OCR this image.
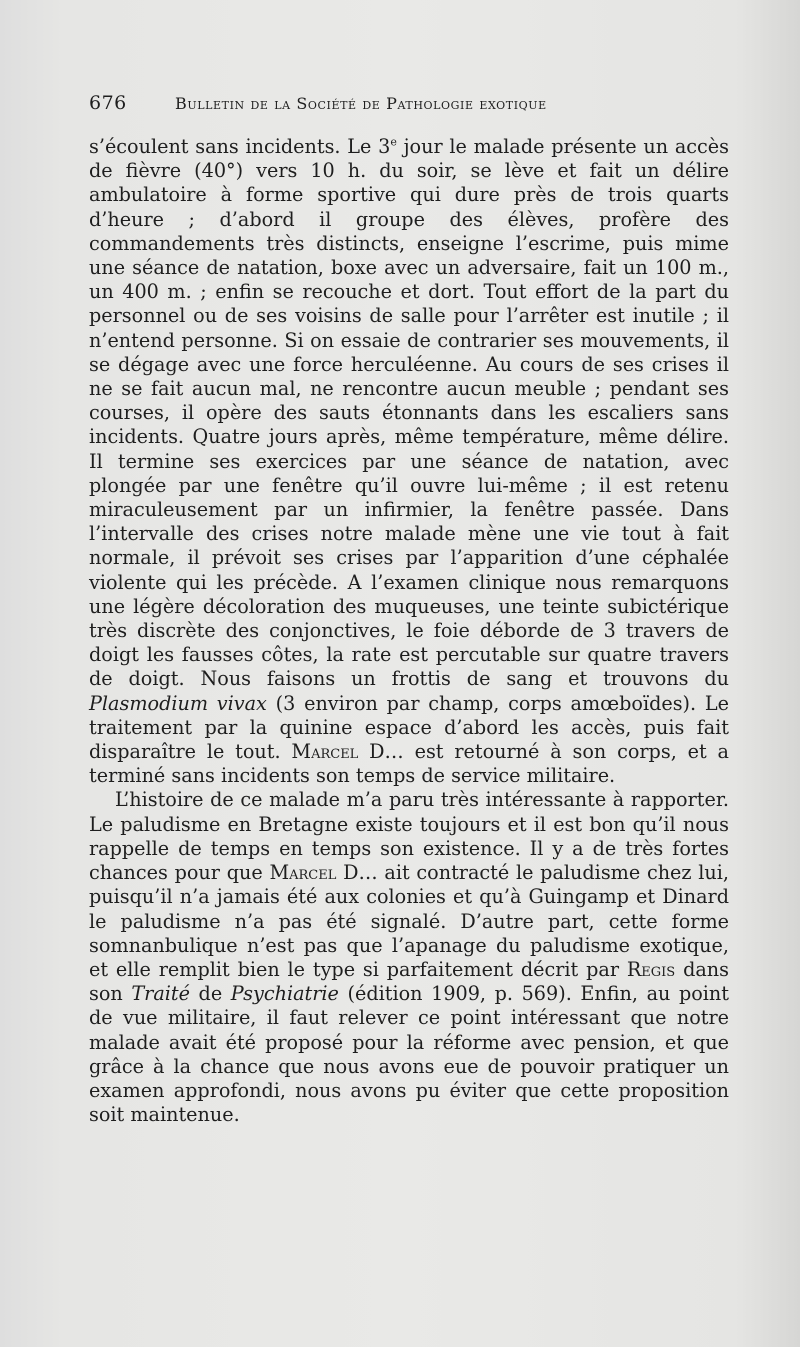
676	Bulletin de la Société de Pathologie exotique

s’écoulent sans incidents. Le 3e jour le malade présente un accès de fièvre (40°) vers 10 h. du soir, se lève et fait un délire ambulatoire à forme sportive qui dure près de trois quarts d’heure ; d’abord il groupe des élèves, profère des commandements très distincts, enseigne l’escrime, puis mime une séance de natation, boxe avec un adversaire, fait un 100 m., un 400 m. ; enfin se recouche et dort. Tout effort de la part du personnel ou de ses voisins de salle pour l’arrêter est inutile ; il n’entend personne. Si on essaie de contrarier ses mouvements, il se dégage avec une force herculéenne. Au cours de ses crises il ne se fait aucun mal, ne rencontre aucun meuble ; pendant ses courses, il opère des sauts étonnants dans les escaliers sans incidents. Quatre jours après, même température, même délire. Il termine ses exercices par une séance de natation, avec plongée par une fenêtre qu’il ouvre lui-même ; il est retenu miraculeusement par un infirmier, la fenêtre passée. Dans l’intervalle des crises notre malade mène une vie tout à fait normale, il prévoit ses crises par l’apparition d’une céphalée violente qui les précède. A l’examen clinique nous remarquons une légère décoloration des muqueuses, une teinte subictérique très discrète des conjonctives, le foie déborde de 3 travers de doigt les fausses côtes, la rate est percutable sur quatre travers de doigt. Nous faisons un frottis de sang et trouvons du Plasmodium vivax (3 environ par champ, corps amœboïdes). Le traitement par la quinine espace d’abord les accès, puis fait disparaître le tout. Marcel D… est retourné à son corps, et a terminé sans incidents son temps de service militaire.

L’histoire de ce malade m’a paru très intéressante à rapporter. Le paludisme en Bretagne existe toujours et il est bon qu’il nous rappelle de temps en temps son existence. Il y a de très fortes chances pour que Marcel D… ait contracté le paludisme chez lui, puisqu’il n’a jamais été aux colonies et qu’à Guingamp et Dinard le paludisme n’a pas été signalé. D’autre part, cette forme somnanbulique n’est pas que l’apanage du paludisme exotique, et elle remplit bien le type si parfaitement décrit par Regis dans son Traité de Psychiatrie (édition 1909, p. 569). Enfin, au point de vue militaire, il faut relever ce point intéressant que notre malade avait été proposé pour la réforme avec pension, et que grâce à la chance que nous avons eue de pouvoir pratiquer un examen approfondi, nous avons pu éviter que cette proposition soit maintenue.
